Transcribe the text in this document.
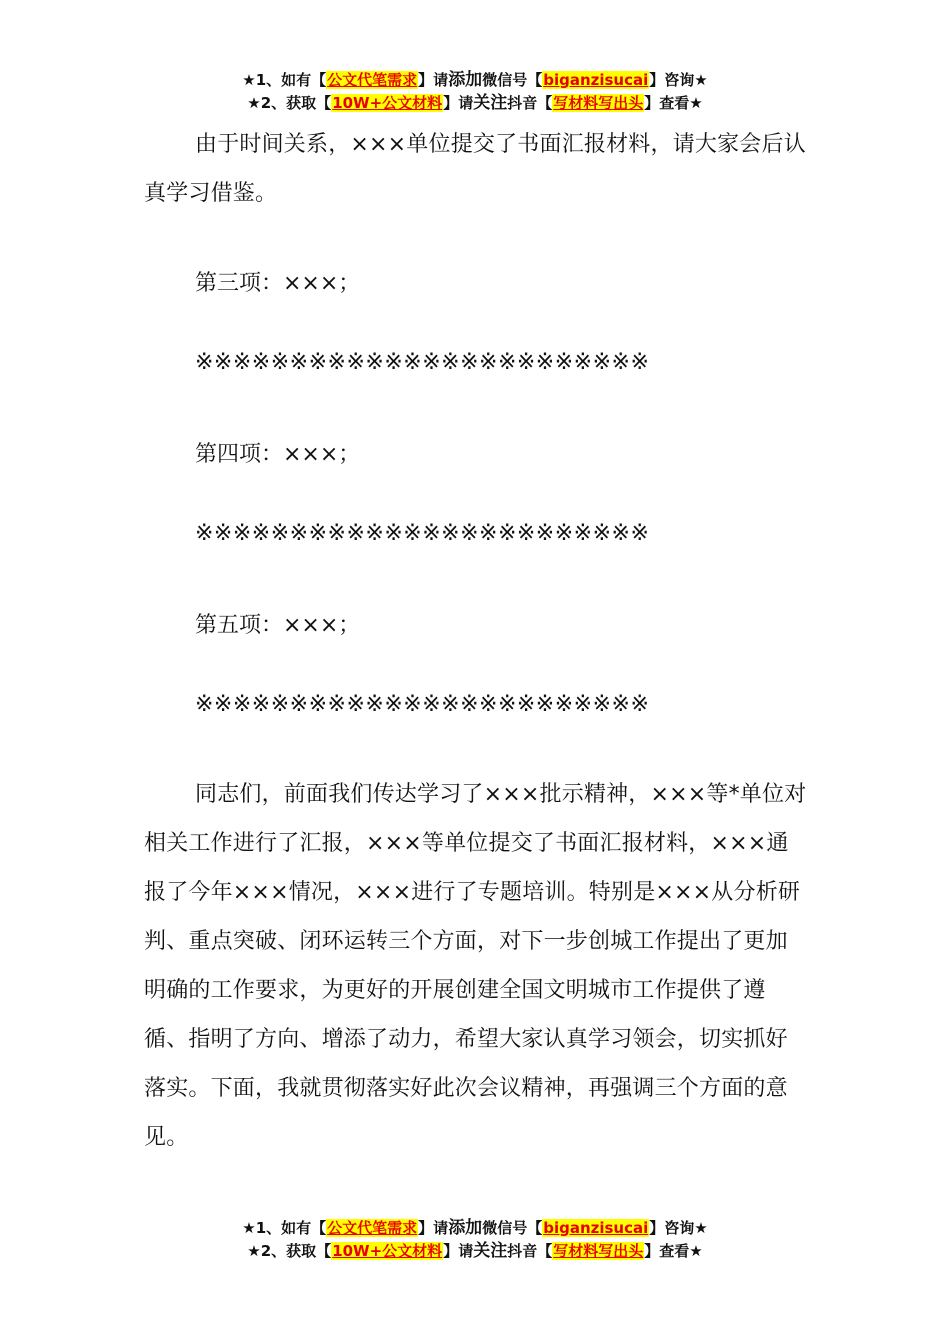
★1、如有【公文代笔需求】请添加微信号【biganzisucai】咨询★
★2、获取【10W+公文材料】请关注抖音【写材料写出头】查看★
由于时间关系，×××单位提交了书面汇报材料，请大家会后认真学习借鉴。
第三项：×××；
※※※※※※※※※※※※※※※※※※※※※※※※
第四项：×××；
※※※※※※※※※※※※※※※※※※※※※※※※
第五项：×××；
※※※※※※※※※※※※※※※※※※※※※※※※
同志们，前面我们传达学习了×××批示精神，×××等*单位对相关工作进行了汇报，×××等单位提交了书面汇报材料，×××通报了今年×××情况，×××进行了专题培训。特别是×××从分析研判、重点突破、闭环运转三个方面，对下一步创城工作提出了更加明确的工作要求，为更好的开展创建全国文明城市工作提供了遵循、指明了方向、增添了动力，希望大家认真学习领会，切实抓好落实。下面，我就贯彻落实好此次会议精神，再强调三个方面的意见。
★1、如有【公文代笔需求】请添加微信号【biganzisucai】咨询★
★2、获取【10W+公文材料】请关注抖音【写材料写出头】查看★
